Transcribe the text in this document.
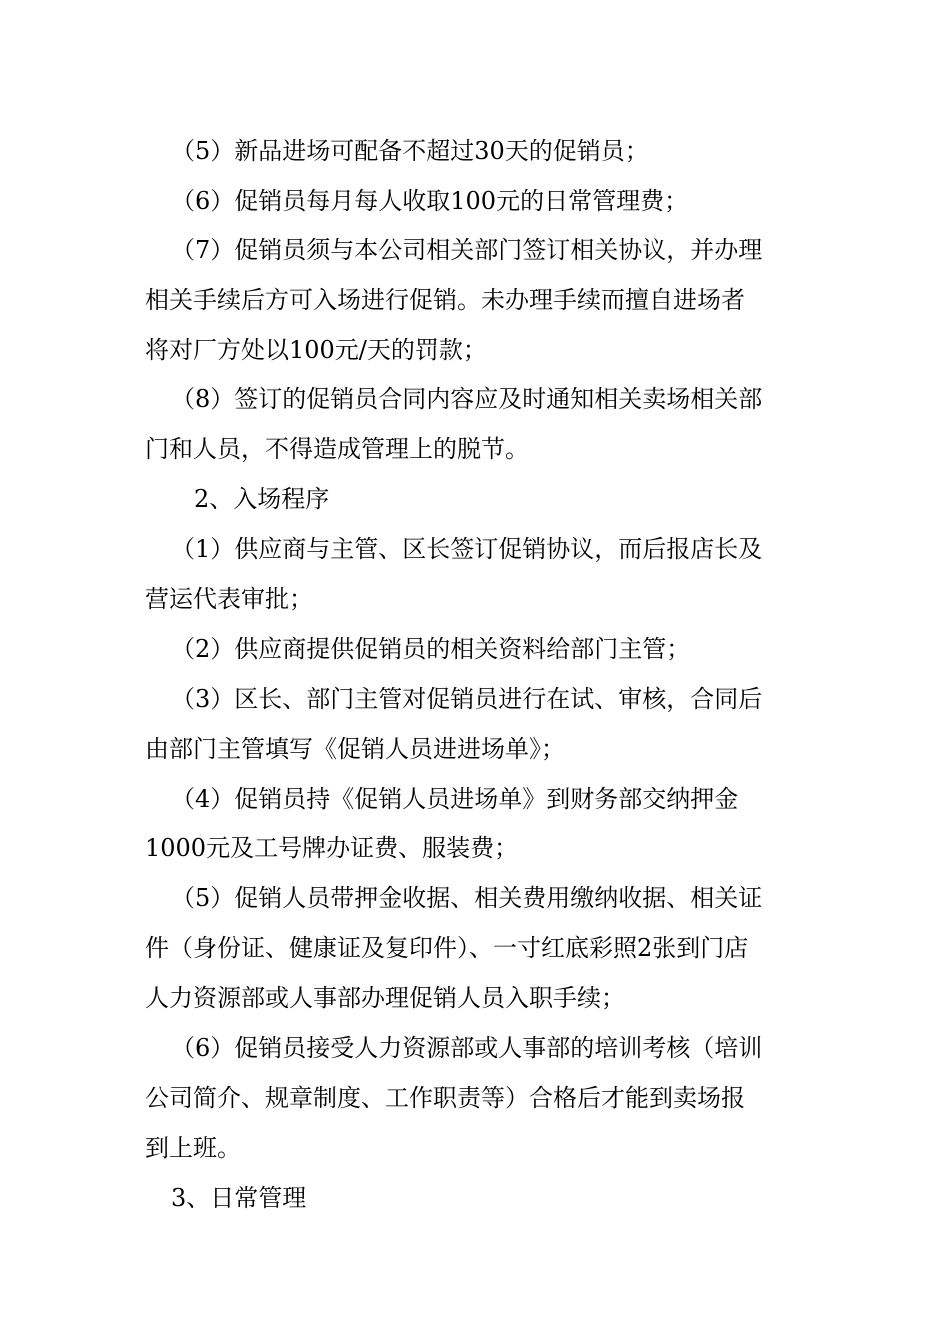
（5）新品进场可配备不超过30天的促销员；
（6）促销员每月每人收取100元的日常管理费；
（7）促销员须与本公司相关部门签订相关协议，并办理
相关手续后方可入场进行促销。未办理手续而擅自进场者
将对厂方处以100元/天的罚款；
（8）签订的促销员合同内容应及时通知相关卖场相关部
门和人员，不得造成管理上的脱节。
2、入场程序
（1）供应商与主管、区长签订促销协议，而后报店长及
营运代表审批；
（2）供应商提供促销员的相关资料给部门主管；
（3）区长、部门主管对促销员进行在试、审核，合同后
由部门主管填写《促销人员进进场单》；
（4）促销员持《促销人员进场单》到财务部交纳押金
1000元及工号牌办证费、服装费；
（5）促销人员带押金收据、相关费用缴纳收据、相关证
件（身份证、健康证及复印件）、一寸红底彩照2张到门店
人力资源部或人事部办理促销人员入职手续；
（6）促销员接受人力资源部或人事部的培训考核（培训
公司简介、规章制度、工作职责等）合格后才能到卖场报
到上班。
3、日常管理
